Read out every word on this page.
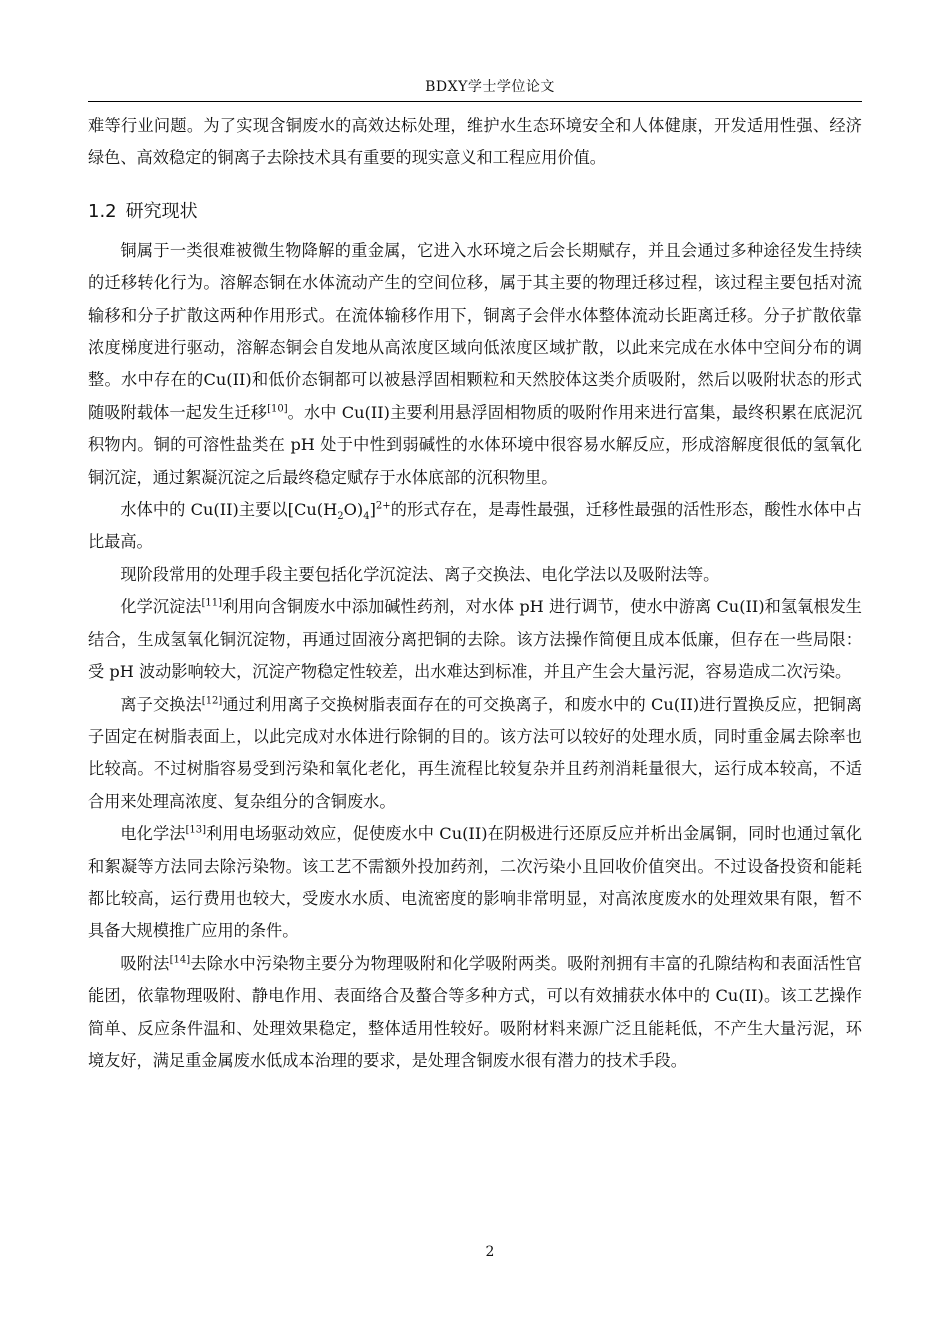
BDXY学士学位论文

难等行业问题。为了实现含铜废水的高效达标处理，维护水生态环境安全和人体健康，开发适用性强、经济绿色、高效稳定的铜离子去除技术具有重要的现实意义和工程应用价值。

1.2 研究现状

铜属于一类很难被微生物降解的重金属，它进入水环境之后会长期赋存，并且会通过多种途径发生持续的迁移转化行为。溶解态铜在水体流动产生的空间位移，属于其主要的物理迁移过程，该过程主要包括对流输移和分子扩散这两种作用形式。在流体输移作用下，铜离子会伴水体整体流动长距离迁移。分子扩散依靠浓度梯度进行驱动，溶解态铜会自发地从高浓度区域向低浓度区域扩散，以此来完成在水体中空间分布的调整。水中存在的Cu(II)和低价态铜都可以被悬浮固相颗粒和天然胶体这类介质吸附，然后以吸附状态的形式随吸附载体一起发生迁移[10]。水中 Cu(II)主要利用悬浮固相物质的吸附作用来进行富集，最终积累在底泥沉积物内。铜的可溶性盐类在 pH 处于中性到弱碱性的水体环境中很容易水解反应，形成溶解度很低的氢氧化铜沉淀，通过絮凝沉淀之后最终稳定赋存于水体底部的沉积物里。

水体中的 Cu(II)主要以$[Cu(H_2O)_4]^{2+}$的形式存在，是毒性最强，迁移性最强的活性形态，酸性水体中占比最高。

现阶段常用的处理手段主要包括化学沉淀法、离子交换法、电化学法以及吸附法等。

化学沉淀法[11]利用向含铜废水中添加碱性药剂，对水体 pH 进行调节，使水中游离 Cu(II)和氢氧根发生结合，生成氢氧化铜沉淀物，再通过固液分离把铜的去除。该方法操作简便且成本低廉，但存在一些局限：受 pH 波动影响较大，沉淀产物稳定性较差，出水难达到标准，并且产生会大量污泥，容易造成二次污染。

离子交换法[12]通过利用离子交换树脂表面存在的可交换离子，和废水中的 Cu(II)进行置换反应，把铜离子固定在树脂表面上，以此完成对水体进行除铜的目的。该方法可以较好的处理水质，同时重金属去除率也比较高。不过树脂容易受到污染和氧化老化，再生流程比较复杂并且药剂消耗量很大，运行成本较高，不适合用来处理高浓度、复杂组分的含铜废水。

电化学法[13]利用电场驱动效应，促使废水中 Cu(II)在阴极进行还原反应并析出金属铜，同时也通过氧化和絮凝等方法同去除污染物。该工艺不需额外投加药剂，二次污染小且回收价值突出。不过设备投资和能耗都比较高，运行费用也较大，受废水水质、电流密度的影响非常明显，对高浓度废水的处理效果有限，暂不具备大规模推广应用的条件。

吸附法[14]去除水中污染物主要分为物理吸附和化学吸附两类。吸附剂拥有丰富的孔隙结构和表面活性官能团，依靠物理吸附、静电作用、表面络合及螯合等多种方式，可以有效捕获水体中的 Cu(II)。该工艺操作简单、反应条件温和、处理效果稳定，整体适用性较好。吸附材料来源广泛且能耗低，不产生大量污泥，环境友好，满足重金属废水低成本治理的要求，是处理含铜废水很有潜力的技术手段。

2
